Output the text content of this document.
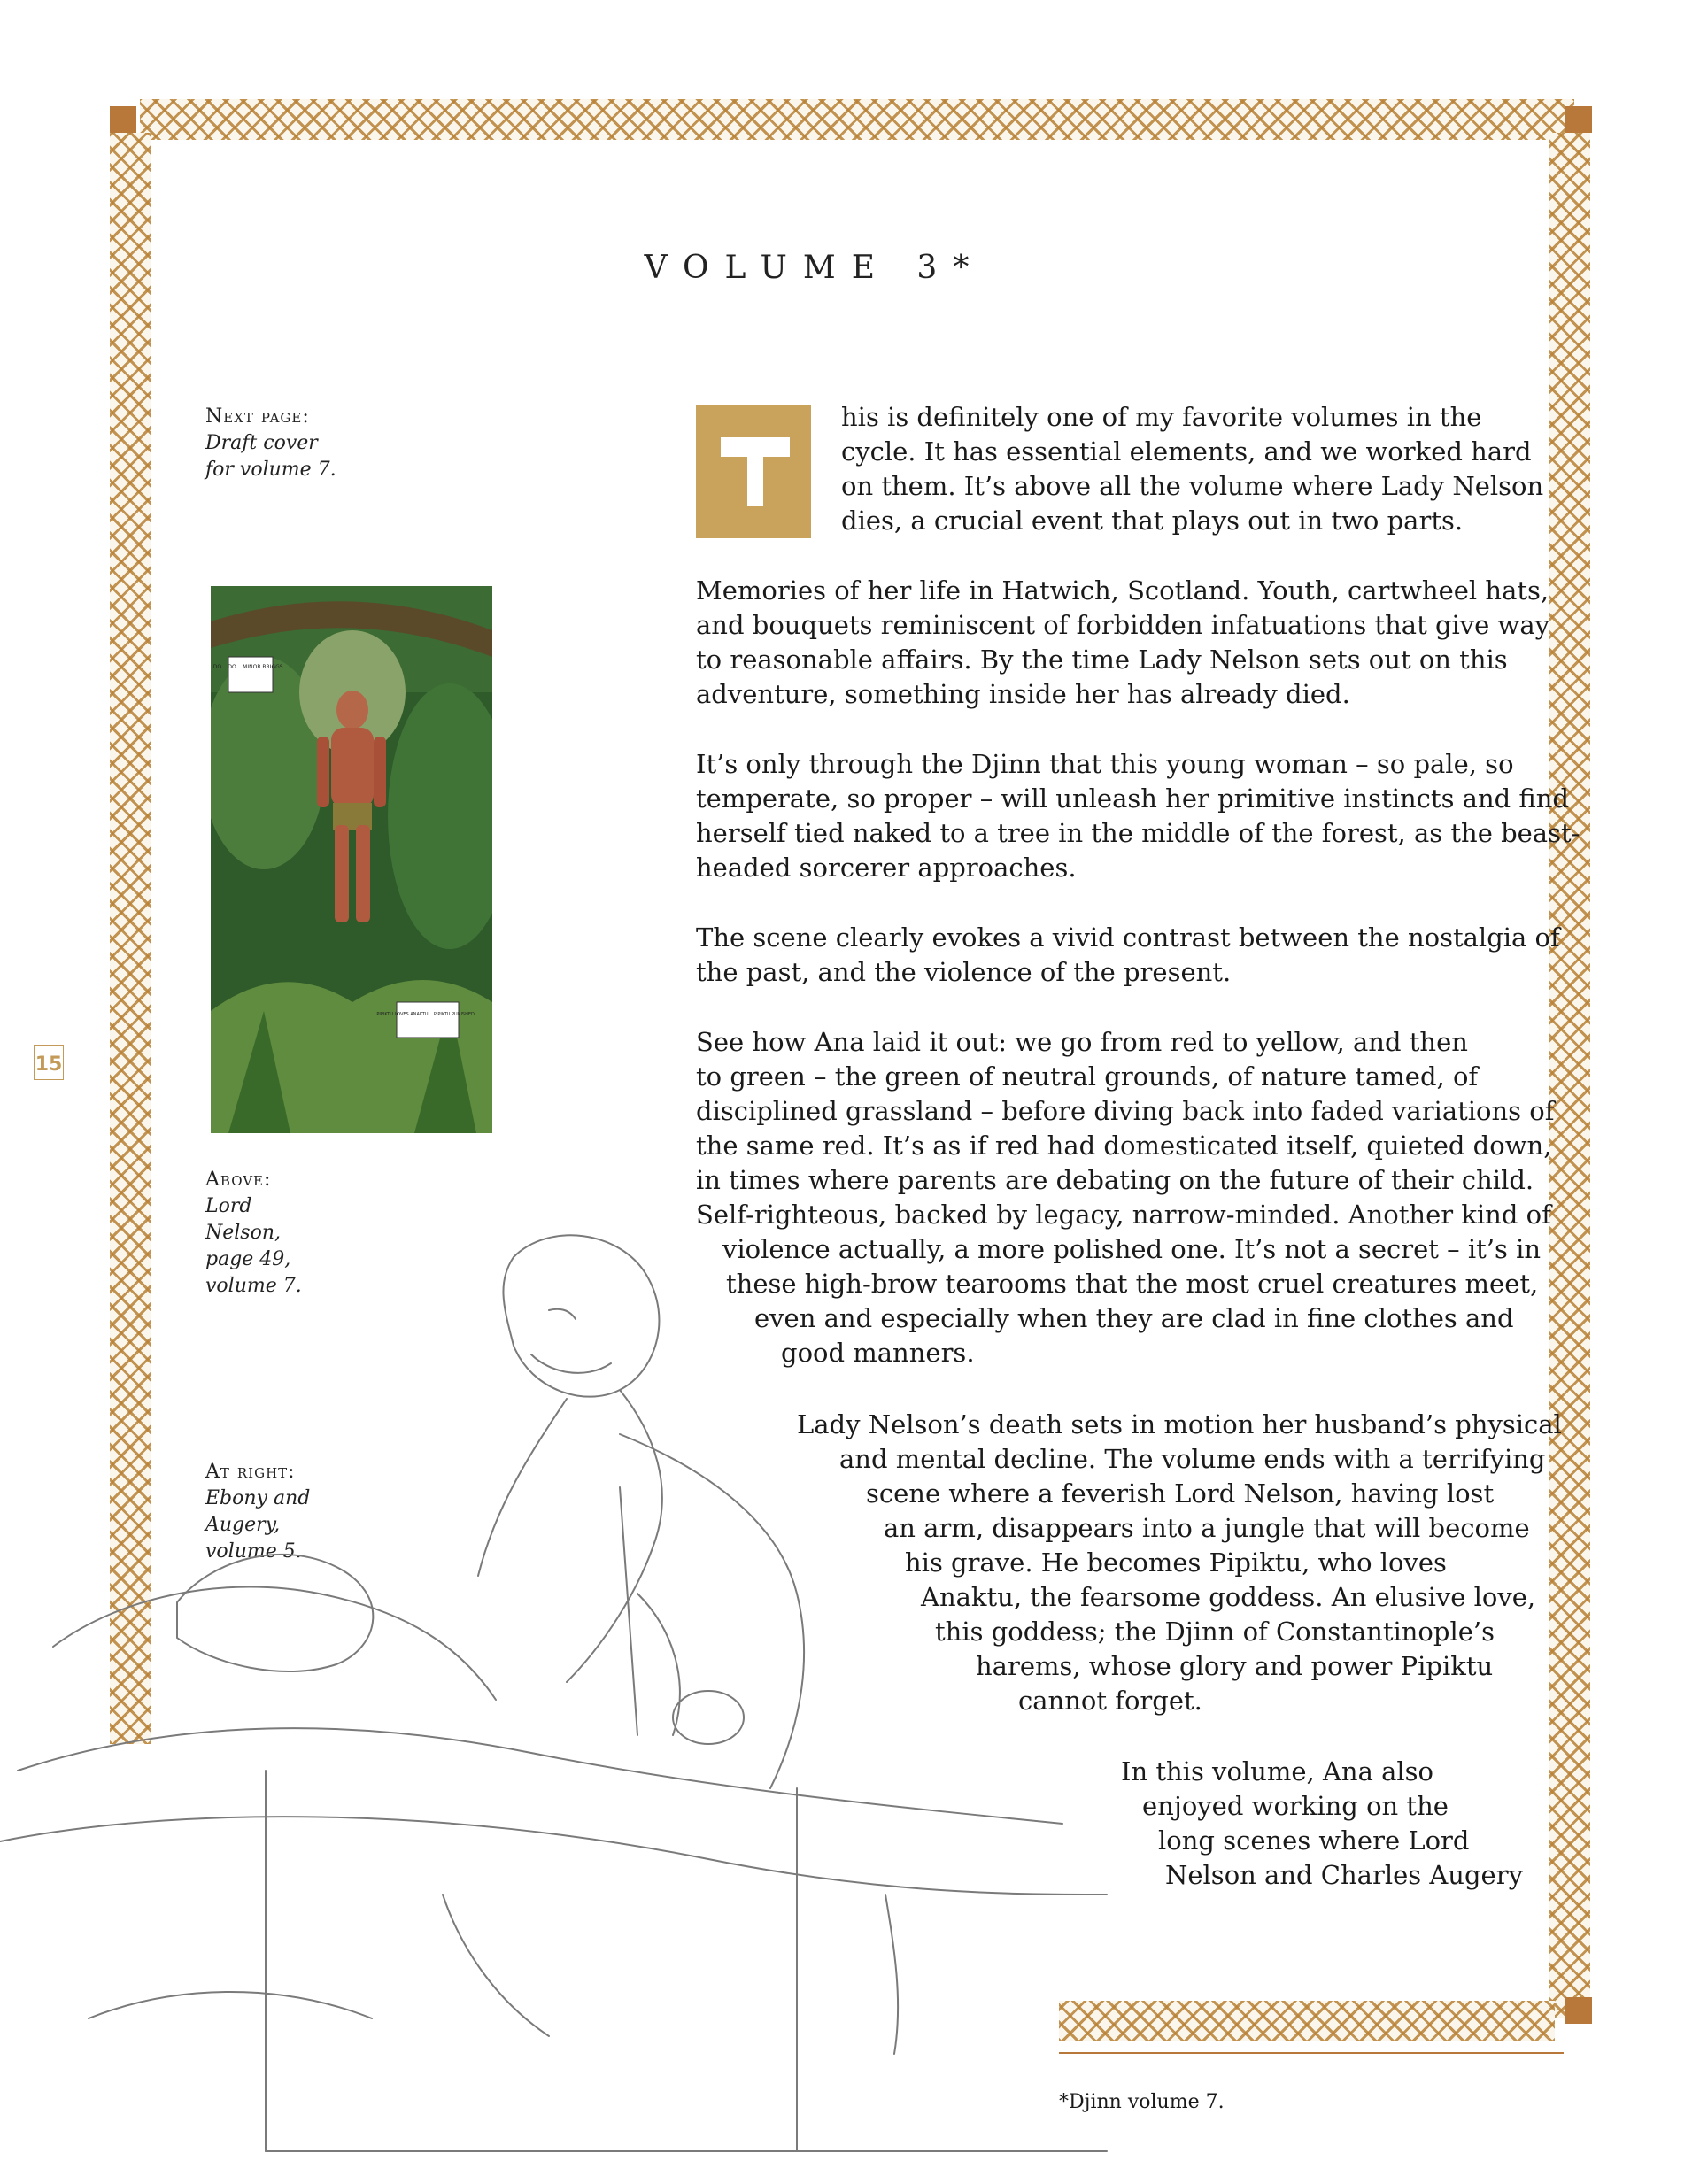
15
VOLUME 3*
Next page:
Draft cover
for volume 7.
Above:
Lord
Nelson,
page 49,
volume 7.
At right:
Ebony and
Augery,
volume 5.
DO... DO... MINOR BRIGGS...
PIPIKTU LOVES ANAKTU... PIPIKTU PUNISHED...
T
his is definitely one of my favorite volumes in the
cycle. It has essential elements, and we worked hard
on them. It’s above all the volume where Lady Nelson
dies, a crucial event that plays out in two parts.
Memories of her life in Hatwich, Scotland. Youth, cartwheel hats,
and bouquets reminiscent of forbidden infatuations that give way
to reasonable affairs. By the time Lady Nelson sets out on this
adventure, something inside her has already died.
It’s only through the Djinn that this young woman – so pale, so
temperate, so proper – will unleash her primitive instincts and find
herself tied naked to a tree in the middle of the forest, as the beast-
headed sorcerer approaches.
The scene clearly evokes a vivid contrast between the nostalgia of
the past, and the violence of the present.
See how Ana laid it out: we go from red to yellow, and then
to green – the green of neutral grounds, of nature tamed, of
disciplined grassland – before diving back into faded variations of
the same red. It’s as if red had domesticated itself, quieted down,
in times where parents are debating on the future of their child.
Self-righteous, backed by legacy, narrow-minded. Another kind of
violence actually, a more polished one. It’s not a secret – it’s in
these high-brow tearooms that the most cruel creatures meet,
even and especially when they are clad in fine clothes and
good manners.
Lady Nelson’s death sets in motion her husband’s physical
and mental decline. The volume ends with a terrifying
scene where a feverish Lord Nelson, having lost
an arm, disappears into a jungle that will become
his grave. He becomes Pipiktu, who loves
Anaktu, the fearsome goddess. An elusive love,
this goddess; the Djinn of Constantinople’s
harems, whose glory and power Pipiktu
cannot forget.
In this volume, Ana also
enjoyed working on the
long scenes where Lord
Nelson and Charles Augery
*Djinn volume 7.
